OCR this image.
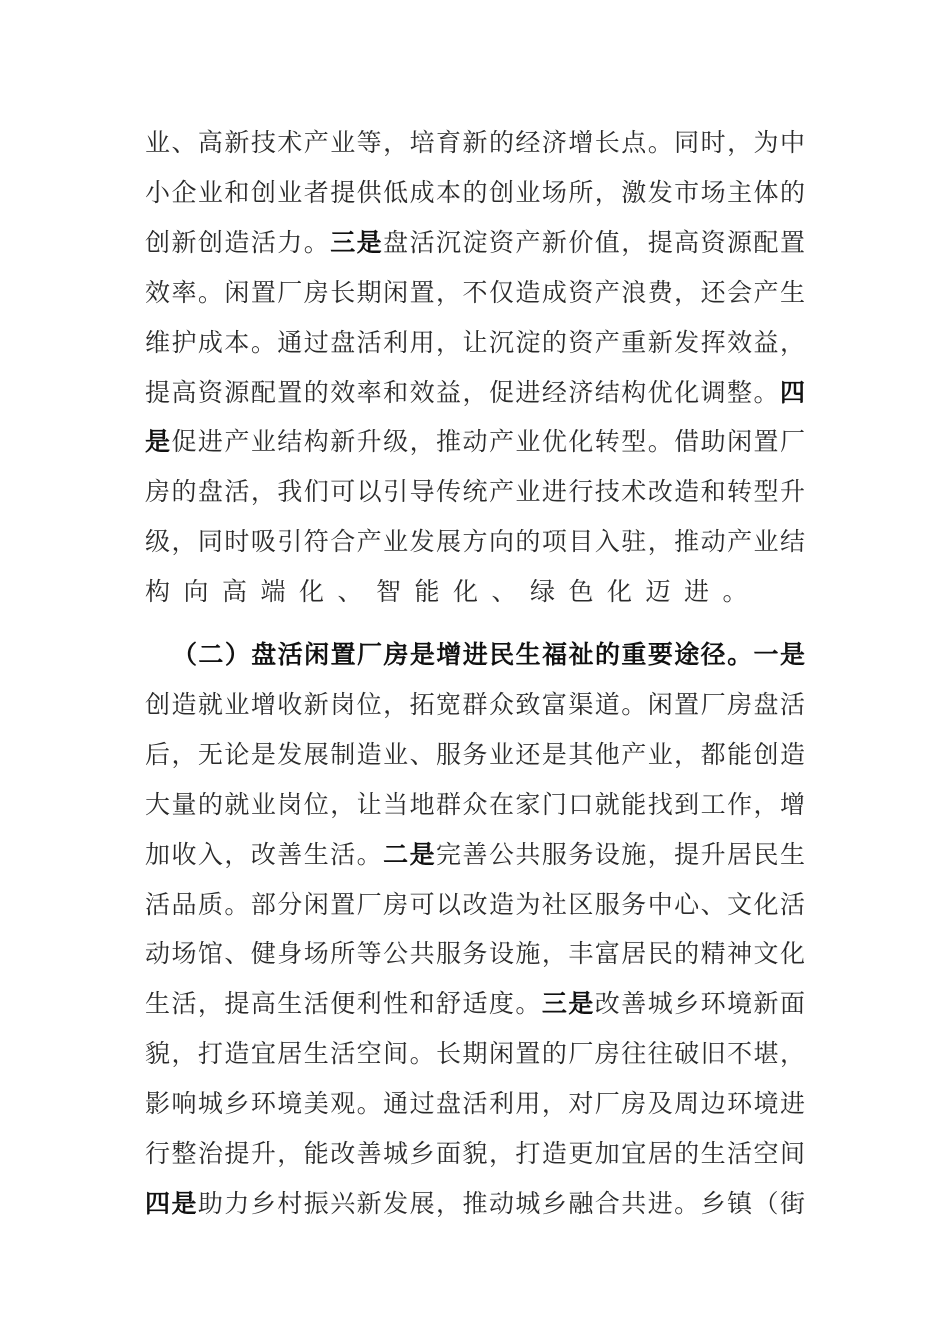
业、高新技术产业等，培育新的经济增长点。同时，为中
小企业和创业者提供低成本的创业场所，激发市场主体的
创新创造活力。三是盘活沉淀资产新价值，提高资源配置
效率。闲置厂房长期闲置，不仅造成资产浪费，还会产生
维护成本。通过盘活利用，让沉淀的资产重新发挥效益，
提高资源配置的效率和效益，促进经济结构优化调整。四
是促进产业结构新升级，推动产业优化转型。借助闲置厂
房的盘活，我们可以引导传统产业进行技术改造和转型升
级，同时吸引符合产业发展方向的项目入驻，推动产业结
构向高端化、智能化、绿色化迈进。
（二）盘活闲置厂房是增进民生福祉的重要途径。一是
创造就业增收新岗位，拓宽群众致富渠道。闲置厂房盘活
后，无论是发展制造业、服务业还是其他产业，都能创造
大量的就业岗位，让当地群众在家门口就能找到工作，增
加收入，改善生活。二是完善公共服务设施，提升居民生
活品质。部分闲置厂房可以改造为社区服务中心、文化活
动场馆、健身场所等公共服务设施，丰富居民的精神文化
生活，提高生活便利性和舒适度。三是改善城乡环境新面
貌，打造宜居生活空间。长期闲置的厂房往往破旧不堪，
影响城乡环境美观。通过盘活利用，对厂房及周边环境进
行整治提升，能改善城乡面貌，打造更加宜居的生活空间
四是助力乡村振兴新发展，推动城乡融合共进。乡镇（街
